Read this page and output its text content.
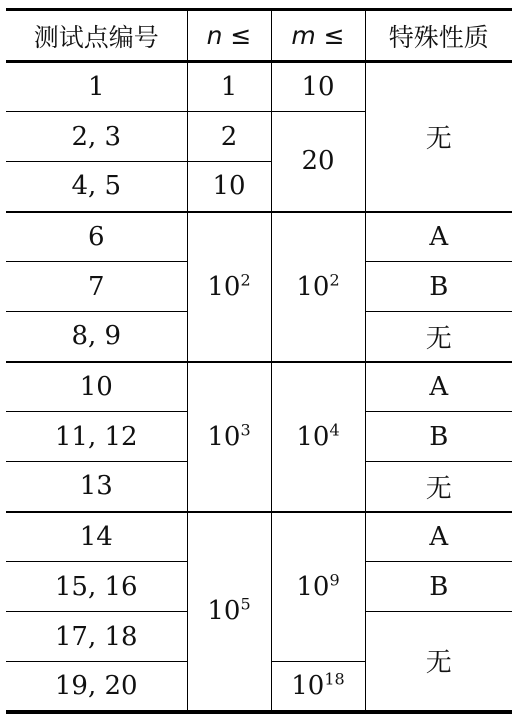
测试点编号	n ≤	m ≤	特殊性质
1	1	10	无
2, 3	2	20	
4, 5	10		
6	$10^2$	$10^2$	A
7			B
8, 9			无
10	$10^3$	$10^4$	A
11, 12			B
13			无
14	$10^5$	$10^9$	A
15, 16			B
17, 18			无
19, 20		$10^{18}$
